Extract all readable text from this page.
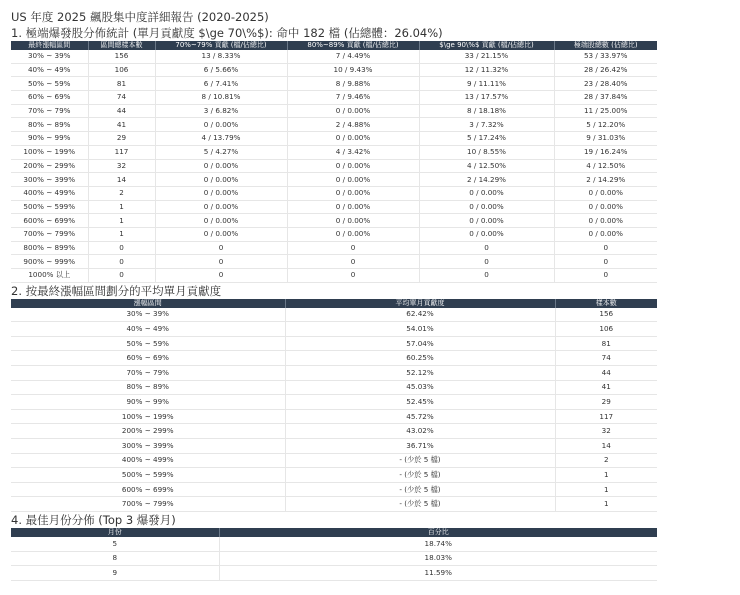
US 年度 2025 飆股集中度詳細報告 (2020-2025)
1. 極端爆發股分佈統計 (單月貢獻度 $\ge 70\%$): 命中 182 檔 (佔總體：26.04%)
最終漲幅區間	區間總樣本數	70%~79% 貢獻 (檔/佔總比)	80%~89% 貢獻 (檔/佔總比)	$\ge 90\%$ 貢獻 (檔/佔總比)	極端股總數 (佔總比)
30% ~ 39%	156	13 / 8.33%	7 / 4.49%	33 / 21.15%	53 / 33.97%
40% ~ 49%	106	6 / 5.66%	10 / 9.43%	12 / 11.32%	28 / 26.42%
50% ~ 59%	81	6 / 7.41%	8 / 9.88%	9 / 11.11%	23 / 28.40%
60% ~ 69%	74	8 / 10.81%	7 / 9.46%	13 / 17.57%	28 / 37.84%
70% ~ 79%	44	3 / 6.82%	0 / 0.00%	8 / 18.18%	11 / 25.00%
80% ~ 89%	41	0 / 0.00%	2 / 4.88%	3 / 7.32%	5 / 12.20%
90% ~ 99%	29	4 / 13.79%	0 / 0.00%	5 / 17.24%	9 / 31.03%
100% ~ 199%	117	5 / 4.27%	4 / 3.42%	10 / 8.55%	19 / 16.24%
200% ~ 299%	32	0 / 0.00%	0 / 0.00%	4 / 12.50%	4 / 12.50%
300% ~ 399%	14	0 / 0.00%	0 / 0.00%	2 / 14.29%	2 / 14.29%
400% ~ 499%	2	0 / 0.00%	0 / 0.00%	0 / 0.00%	0 / 0.00%
500% ~ 599%	1	0 / 0.00%	0 / 0.00%	0 / 0.00%	0 / 0.00%
600% ~ 699%	1	0 / 0.00%	0 / 0.00%	0 / 0.00%	0 / 0.00%
700% ~ 799%	1	0 / 0.00%	0 / 0.00%	0 / 0.00%	0 / 0.00%
800% ~ 899%	0	0	0	0	0
900% ~ 999%	0	0	0	0	0
1000% 以上	0	0	0	0	0
2. 按最終漲幅區間劃分的平均單月貢獻度
漲幅區間	平均單月貢獻度	樣本數
30% ~ 39%	62.42%	156
40% ~ 49%	54.01%	106
50% ~ 59%	57.04%	81
60% ~ 69%	60.25%	74
70% ~ 79%	52.12%	44
80% ~ 89%	45.03%	41
90% ~ 99%	52.45%	29
100% ~ 199%	45.72%	117
200% ~ 299%	43.02%	32
300% ~ 399%	36.71%	14
400% ~ 499%	- (少於 5 檔)	2
500% ~ 599%	- (少於 5 檔)	1
600% ~ 699%	- (少於 5 檔)	1
700% ~ 799%	- (少於 5 檔)	1
4. 最佳月份分佈 (Top 3 爆發月)
月份	百分比
5	18.74%
8	18.03%
9	11.59%
